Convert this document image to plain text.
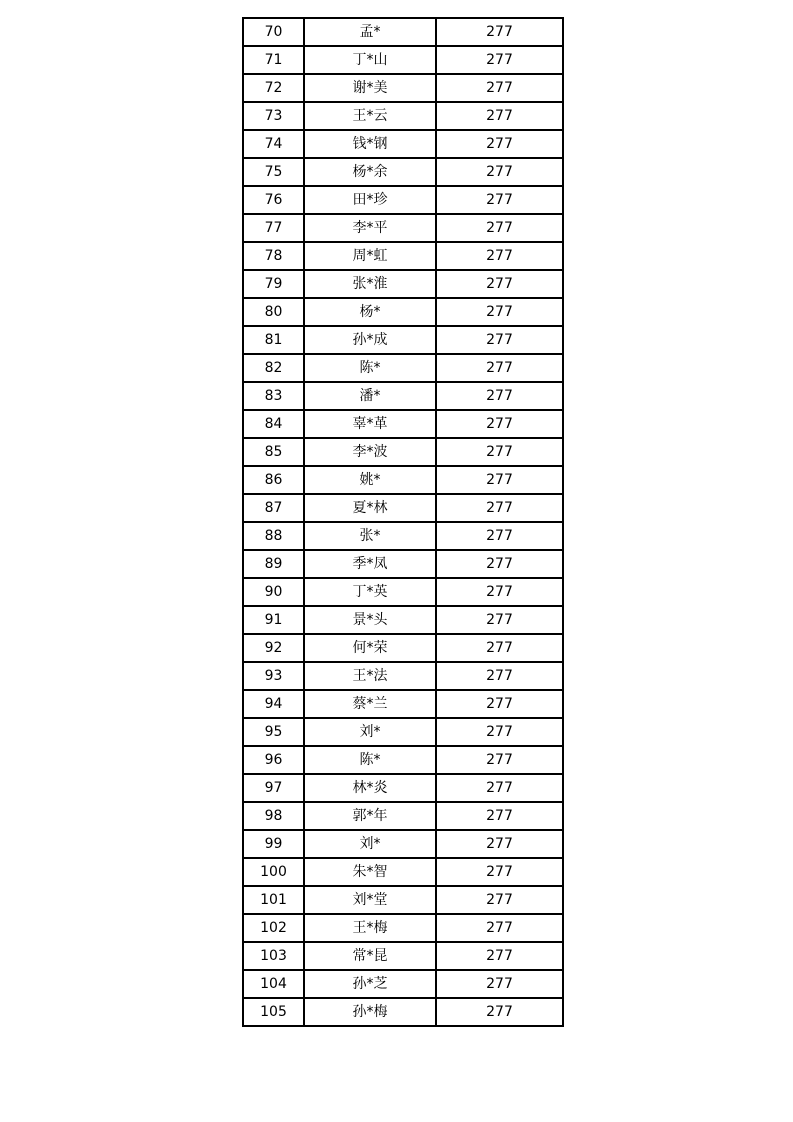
70	孟*	277
71	丁*山	277
72	谢*美	277
73	王*云	277
74	钱*钢	277
75	杨*余	277
76	田*珍	277
77	李*平	277
78	周*虹	277
79	张*淮	277
80	杨*	277
81	孙*成	277
82	陈*	277
83	潘*	277
84	辜*革	277
85	李*波	277
86	姚*	277
87	夏*林	277
88	张*	277
89	季*凤	277
90	丁*英	277
91	景*头	277
92	何*荣	277
93	王*法	277
94	蔡*兰	277
95	刘*	277
96	陈*	277
97	林*炎	277
98	郭*年	277
99	刘*	277
100	朱*智	277
101	刘*堂	277
102	王*梅	277
103	常*昆	277
104	孙*芝	277
105	孙*梅	277
